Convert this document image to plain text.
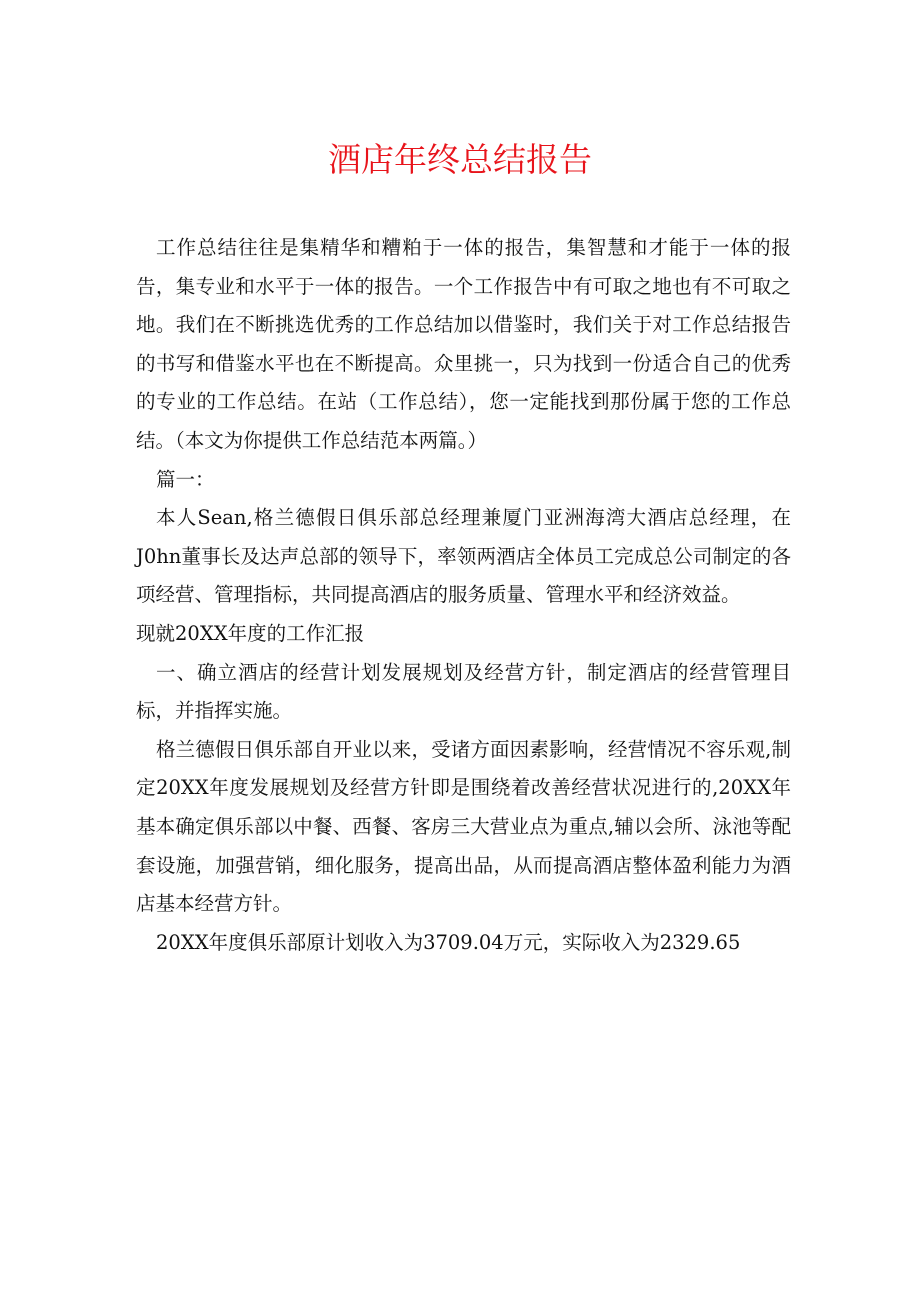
酒店年终总结报告

工作总结往往是集精华和糟粕于一体的报告，集智慧和才能于一体的报告，集专业和水平于一体的报告。一个工作报告中有可取之地也有不可取之地。我们在不断挑选优秀的工作总结加以借鉴时，我们关于对工作总结报告的书写和借鉴水平也在不断提高。众里挑一，只为找到一份适合自己的优秀的专业的工作总结。在站（工作总结），您一定能找到那份属于您的工作总结。（本文为你提供工作总结范本两篇。）

篇一：

本人Sean,格兰德假日俱乐部总经理兼厦门亚洲海湾大酒店总经理，在J0hn董事长及达声总部的领导下，率领两酒店全体员工完成总公司制定的各项经营、管理指标，共同提高酒店的服务质量、管理水平和经济效益。

现就20XX年度的工作汇报

一、确立酒店的经营计划发展规划及经营方针，制定酒店的经营管理目标，并指挥实施。

格兰德假日俱乐部自开业以来，受诸方面因素影响，经营情况不容乐观,制定20XX年度发展规划及经营方针即是围绕着改善经营状况进行的,20XX年基本确定俱乐部以中餐、西餐、客房三大营业点为重点,辅以会所、泳池等配套设施，加强营销，细化服务，提高出品，从而提高酒店整体盈利能力为酒店基本经营方针。

20XX年度俱乐部原计划收入为3709.04万元，实际收入为2329.65
